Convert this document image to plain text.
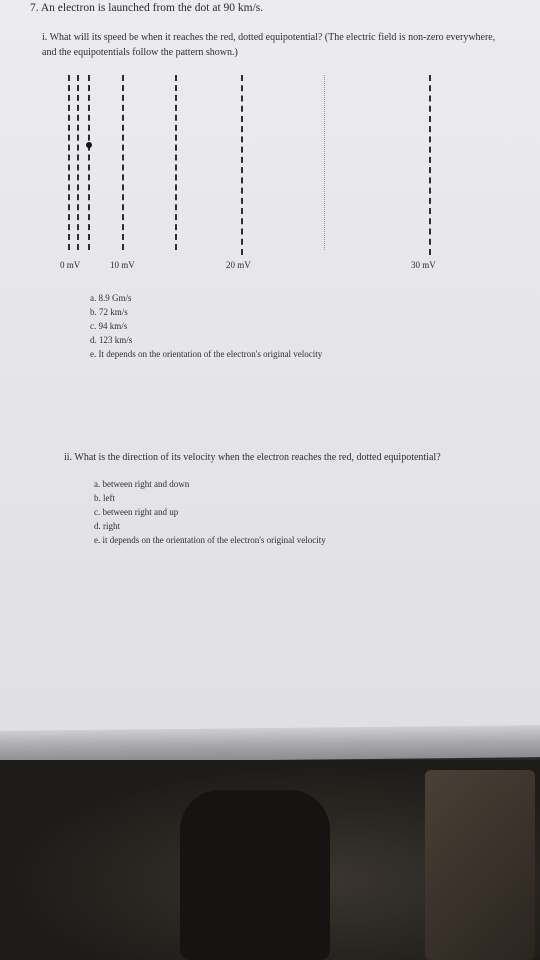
7. An electron is launched from the dot at 90 km/s.
i. What will its speed be when it reaches the red, dotted equipotential? (The electric field is non-zero everywhere, and the equipotentials follow the pattern shown.)
0 mV	10 mV	20 mV	30 mV
a. 8.9 Gm/s
b. 72 km/s
c. 94 km/s
d. 123 km/s
e. It depends on the orientation of the electron's original velocity
ii. What is the direction of its velocity when the electron reaches the red, dotted equipotential?
a. between right and down
b. left
c. between right and up
d. right
e. it depends on the orientation of the electron's original velocity
